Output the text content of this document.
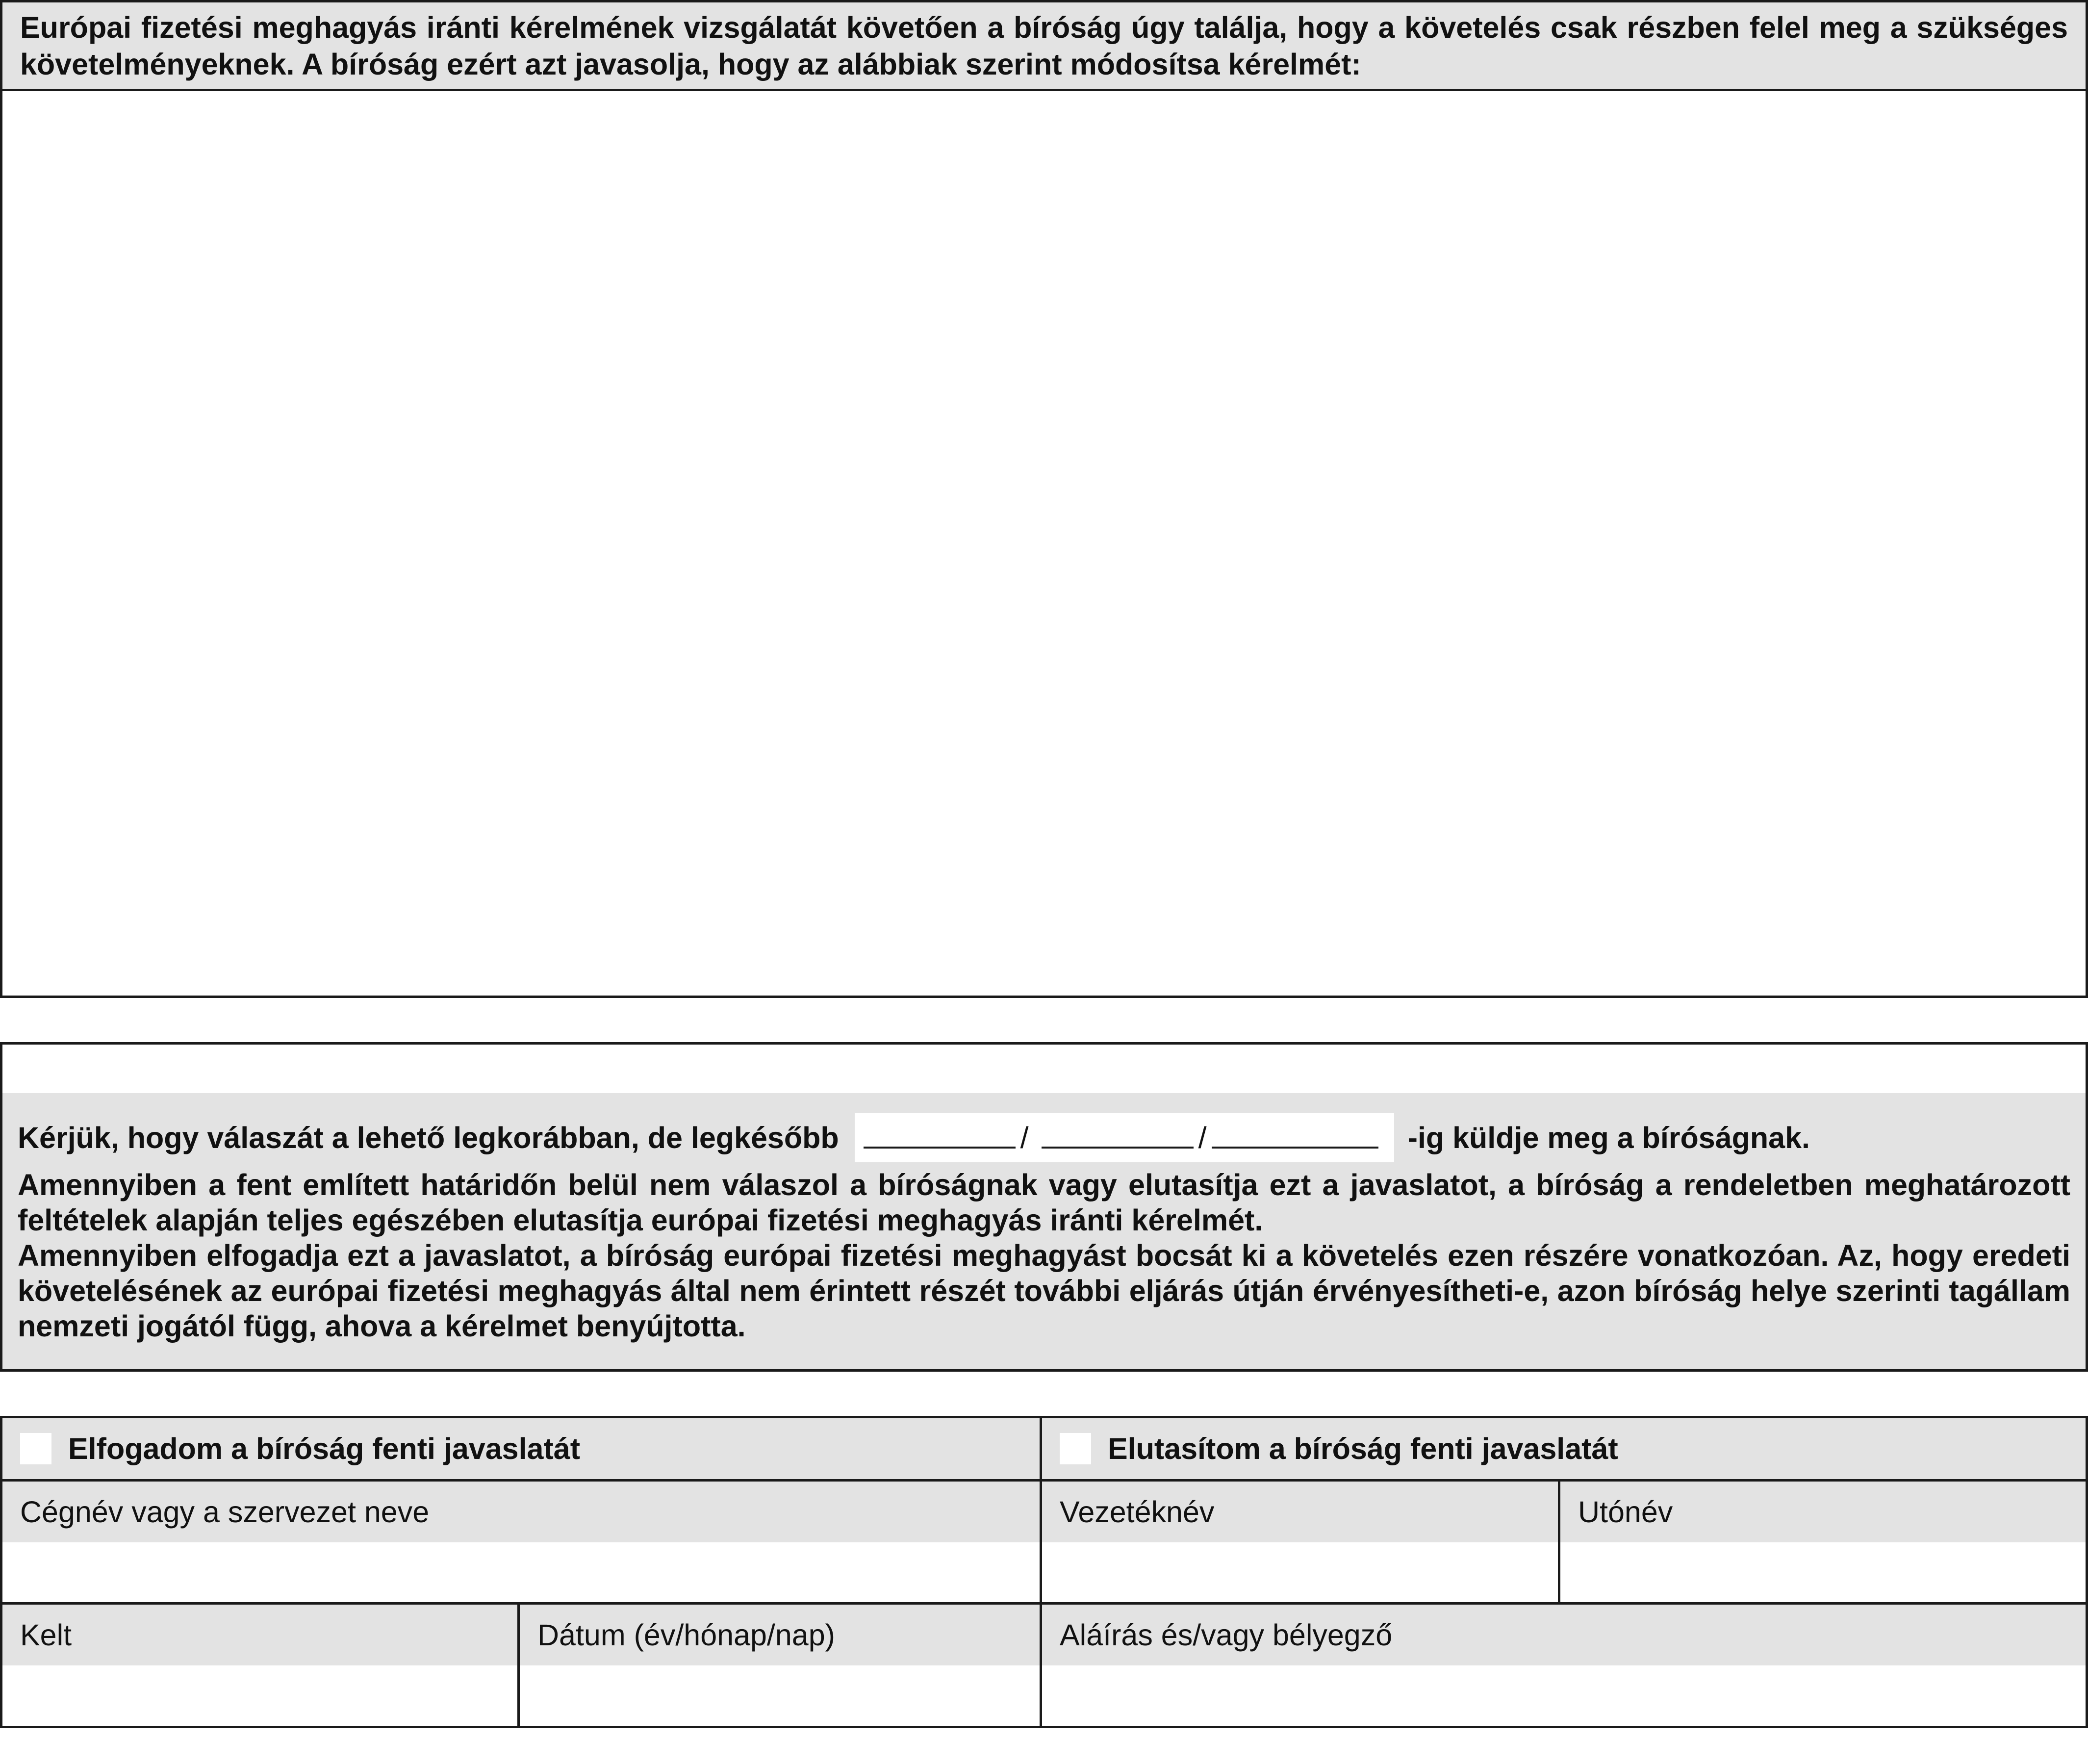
Európai fizetési meghagyás iránti kérelmének vizsgálatát követően a bíróság úgy találja, hogy a követelés csak részben felel meg a szükséges követelményeknek. A bíróság ezért azt javasolja, hogy az alábbiak szerint módosítsa kérelmét:
Kérjük, hogy válaszát a lehető legkorábban, de legkésőbb	/	/	-ig küldje meg a bíróságnak.

Amennyiben a fent említett határidőn belül nem válaszol a bíróságnak vagy elutasítja ezt a javaslatot, a bíróság a rendeletben meghatározott feltételek alapján teljes egészében elutasítja európai fizetési meghagyás iránti kérelmét.

Amennyiben elfogadja ezt a javaslatot, a bíróság európai fizetési meghagyást bocsát ki a követelés ezen részére vonatkozóan. Az, hogy eredeti követelésének az európai fizetési meghagyás által nem érintett részét további eljárás útján érvényesítheti-e, azon bíróság helye szerinti tagállam nemzeti jogától függ, ahova a kérelmet benyújtotta.

Elfogadom a bíróság fenti javaslatát	Elutasítom a bíróság fenti javaslatát
Cégnév vagy a szervezet neve	Vezetéknév	Utónév
Kelt	Dátum (év/hónap/nap)	Aláírás és/vagy bélyegző
